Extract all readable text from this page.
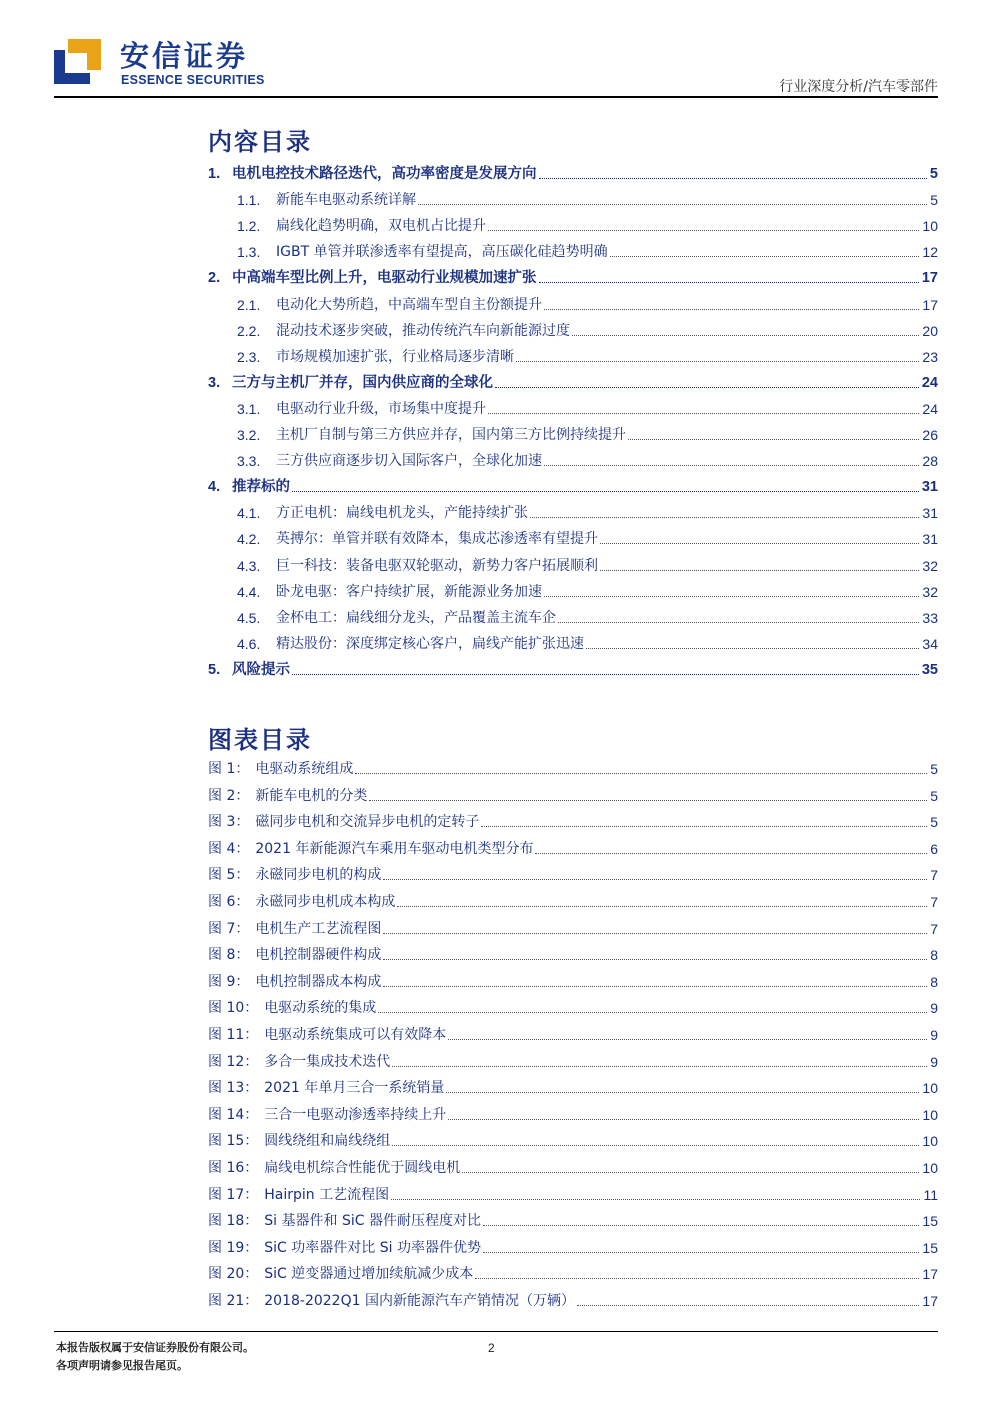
安信证券
ESSENCE SECURITIES	行业深度分析/汽车零部件
内容目录
1. 电机电控技术路径迭代，高功率密度是发展方向	5
1.1.	新能车电驱动系统详解	5
1.2.	扁线化趋势明确，双电机占比提升	10
1.3.	IGBT 单管并联渗透率有望提高，高压碳化硅趋势明确	12
2. 中高端车型比例上升，电驱动行业规模加速扩张	17
2.1.	电动化大势所趋，中高端车型自主份额提升	17
2.2.	混动技术逐步突破，推动传统汽车向新能源过度	20
2.3.	市场规模加速扩张，行业格局逐步清晰	23
3. 三方与主机厂并存，国内供应商的全球化	24
3.1.	电驱动行业升级，市场集中度提升	24
3.2.	主机厂自制与第三方供应并存，国内第三方比例持续提升	26
3.3.	三方供应商逐步切入国际客户，全球化加速	28
4. 推荐标的	31
4.1.	方正电机：扁线电机龙头，产能持续扩张	31
4.2.	英搏尔：单管并联有效降本，集成芯渗透率有望提升	31
4.3.	巨一科技：装备电驱双轮驱动，新势力客户拓展顺利	32
4.4.	卧龙电驱：客户持续扩展，新能源业务加速	32
4.5.	金杯电工：扁线细分龙头，产品覆盖主流车企	33
4.6.	精达股份：深度绑定核心客户，扁线产能扩张迅速	34
5. 风险提示	35
图表目录
图 1： 电驱动系统组成	5
图 2： 新能车电机的分类	5
图 3： 磁同步电机和交流异步电机的定转子	5
图 4： 2021 年新能源汽车乘用车驱动电机类型分布	6
图 5： 永磁同步电机的构成	7
图 6： 永磁同步电机成本构成	7
图 7： 电机生产工艺流程图	7
图 8： 电机控制器硬件构成	8
图 9： 电机控制器成本构成	8
图 10： 电驱动系统的集成	9
图 11： 电驱动系统集成可以有效降本	9
图 12： 多合一集成技术迭代	9
图 13： 2021 年单月三合一系统销量	10
图 14： 三合一电驱动渗透率持续上升	10
图 15： 圆线绕组和扁线绕组	10
图 16： 扁线电机综合性能优于圆线电机	10
图 17： Hairpin 工艺流程图	11
图 18： Si 基器件和 SiC 器件耐压程度对比	15
图 19： SiC 功率器件对比 Si 功率器件优势	15
图 20： SiC 逆变器通过增加续航减少成本	17
图 21： 2018-2022Q1 国内新能源汽车产销情况（万辆）	17
本报告版权属于安信证券股份有限公司。
各项声明请参见报告尾页。
2
